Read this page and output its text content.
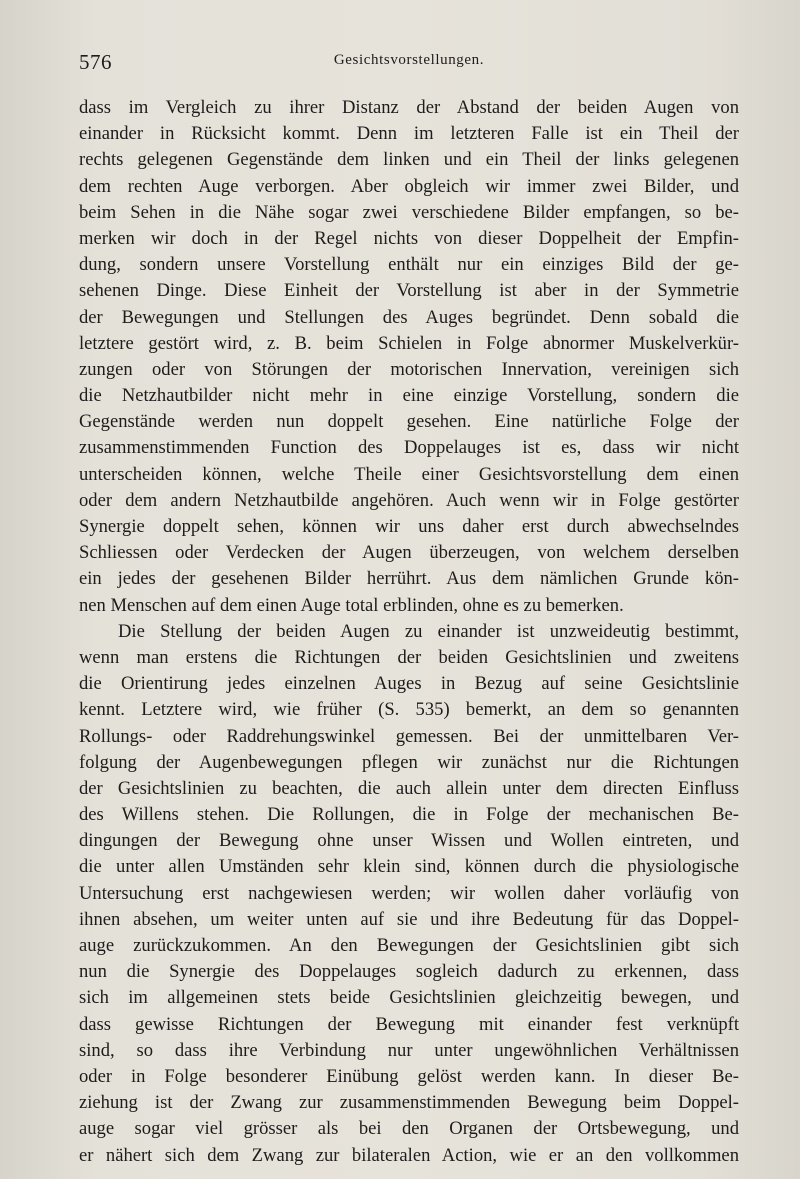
576	Gesichtsvorstellungen.
dass im Vergleich zu ihrer Distanz der Abstand der beiden Augen von
einander in Rücksicht kommt. Denn im letzteren Falle ist ein Theil der
rechts gelegenen Gegenstände dem linken und ein Theil der links gelegenen
dem rechten Auge verborgen. Aber obgleich wir immer zwei Bilder, und
beim Sehen in die Nähe sogar zwei verschiedene Bilder empfangen, so be-
merken wir doch in der Regel nichts von dieser Doppelheit der Empfin-
dung, sondern unsere Vorstellung enthält nur ein einziges Bild der ge-
sehenen Dinge. Diese Einheit der Vorstellung ist aber in der Symmetrie
der Bewegungen und Stellungen des Auges begründet. Denn sobald die
letztere gestört wird, z. B. beim Schielen in Folge abnormer Muskelverkür-
zungen oder von Störungen der motorischen Innervation, vereinigen sich
die Netzhautbilder nicht mehr in eine einzige Vorstellung, sondern die
Gegenstände werden nun doppelt gesehen. Eine natürliche Folge der
zusammenstimmenden Function des Doppelauges ist es, dass wir nicht
unterscheiden können, welche Theile einer Gesichtsvorstellung dem einen
oder dem andern Netzhautbilde angehören. Auch wenn wir in Folge gestörter
Synergie doppelt sehen, können wir uns daher erst durch abwechselndes
Schliessen oder Verdecken der Augen überzeugen, von welchem derselben
ein jedes der gesehenen Bilder herrührt. Aus dem nämlichen Grunde kön-
nen Menschen auf dem einen Auge total erblinden, ohne es zu bemerken.
Die Stellung der beiden Augen zu einander ist unzweideutig bestimmt,
wenn man erstens die Richtungen der beiden Gesichtslinien und zweitens
die Orientirung jedes einzelnen Auges in Bezug auf seine Gesichtslinie
kennt. Letztere wird, wie früher (S. 535) bemerkt, an dem so genannten
Rollungs- oder Raddrehungswinkel gemessen. Bei der unmittelbaren Ver-
folgung der Augenbewegungen pflegen wir zunächst nur die Richtungen
der Gesichtslinien zu beachten, die auch allein unter dem directen Einfluss
des Willens stehen. Die Rollungen, die in Folge der mechanischen Be-
dingungen der Bewegung ohne unser Wissen und Wollen eintreten, und
die unter allen Umständen sehr klein sind, können durch die physiologische
Untersuchung erst nachgewiesen werden; wir wollen daher vorläufig von
ihnen absehen, um weiter unten auf sie und ihre Bedeutung für das Doppel-
auge zurückzukommen. An den Bewegungen der Gesichtslinien gibt sich
nun die Synergie des Doppelauges sogleich dadurch zu erkennen, dass
sich im allgemeinen stets beide Gesichtslinien gleichzeitig bewegen, und
dass gewisse Richtungen der Bewegung mit einander fest verknüpft
sind, so dass ihre Verbindung nur unter ungewöhnlichen Verhältnissen
oder in Folge besonderer Einübung gelöst werden kann. In dieser Be-
ziehung ist der Zwang zur zusammenstimmenden Bewegung beim Doppel-
auge sogar viel grösser als bei den Organen der Ortsbewegung, und
er nähert sich dem Zwang zur bilateralen Action, wie er an den vollkommen
